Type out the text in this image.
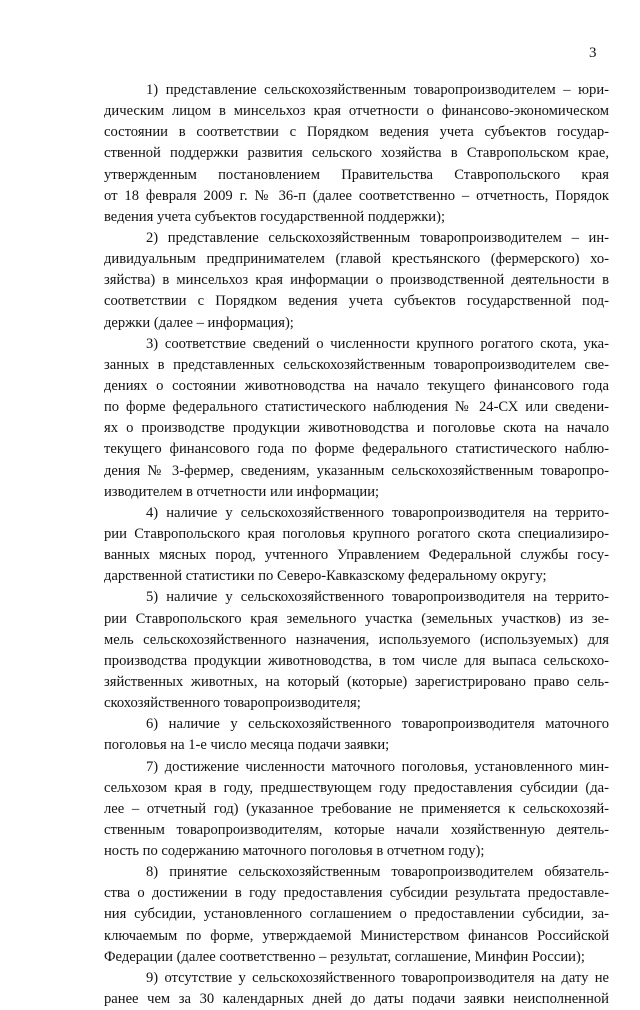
3
1) представление сельскохозяйственным товаропроизводителем – юри-
дическим лицом в минсельхоз края отчетности о финансово-экономическом
состоянии в соответствии с Порядком ведения учета субъектов государ-
ственной поддержки развития сельского хозяйства в Ставропольском крае,
утвержденным постановлением Правительства Ставропольского края
от 18 февраля 2009 г. № 36-п (далее соответственно – отчетность, Порядок
ведения учета субъектов государственной поддержки);
2) представление сельскохозяйственным товаропроизводителем – ин-
дивидуальным предпринимателем (главой крестьянского (фермерского) хо-
зяйства) в минсельхоз края информации о производственной деятельности в
соответствии с Порядком ведения учета субъектов государственной под-
держки (далее – информация);
3) соответствие сведений о численности крупного рогатого скота, ука-
занных в представленных сельскохозяйственным товаропроизводителем све-
дениях о состоянии животноводства на начало текущего финансового года
по форме федерального статистического наблюдения № 24-СХ или сведени-
ях о производстве продукции животноводства и поголовье скота на начало
текущего финансового года по форме федерального статистического наблю-
дения № 3-фермер, сведениям, указанным сельскохозяйственным товаропро-
изводителем в отчетности или информации;
4) наличие у сельскохозяйственного товаропроизводителя на террито-
рии Ставропольского края поголовья крупного рогатого скота специализиро-
ванных мясных пород, учтенного Управлением Федеральной службы госу-
дарственной статистики по Северо-Кавказскому федеральному округу;
5) наличие у сельскохозяйственного товаропроизводителя на террито-
рии Ставропольского края земельного участка (земельных участков) из зе-
мель сельскохозяйственного назначения, используемого (используемых) для
производства продукции животноводства, в том числе для выпаса сельскохо-
зяйственных животных, на который (которые) зарегистрировано право сель-
скохозяйственного товаропроизводителя;
6) наличие у сельскохозяйственного товаропроизводителя маточного
поголовья на 1-е число месяца подачи заявки;
7) достижение численности маточного поголовья, установленного мин-
сельхозом края в году, предшествующем году предоставления субсидии (да-
лее – отчетный год) (указанное требование не применяется к сельскохозяй-
ственным товаропроизводителям, которые начали хозяйственную деятель-
ность по содержанию маточного поголовья в отчетном году);
8) принятие сельскохозяйственным товаропроизводителем обязатель-
ства о достижении в году предоставления субсидии результата предоставле-
ния субсидии, установленного соглашением о предоставлении субсидии, за-
ключаемым по форме, утверждаемой Министерством финансов Российской
Федерации (далее соответственно – результат, соглашение, Минфин России);
9) отсутствие у сельскохозяйственного товаропроизводителя на дату не
ранее чем за 30 календарных дней до даты подачи заявки неисполненной
